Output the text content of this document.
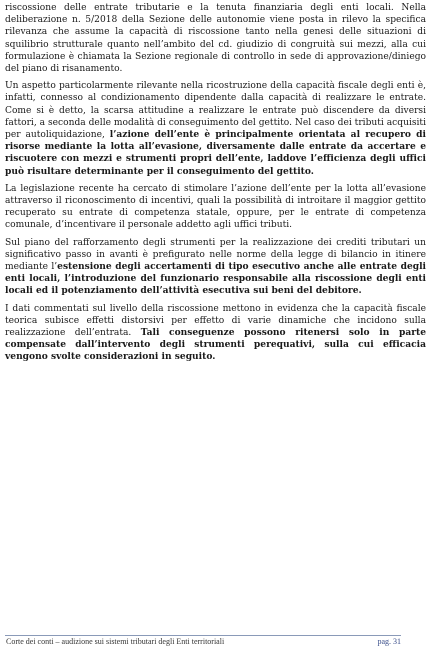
riscossione delle entrate tributarie e la tenuta finanziaria degli enti locali. Nella deliberazione n. 5/2018 della Sezione delle autonomie viene posta in rilevo la specifica rilevanza che assume la capacità di riscossione tanto nella genesi delle situazioni di squilibrio strutturale quanto nell’ambito del cd. giudizio di congruità sui mezzi, alla cui formulazione è chiamata la Sezione regionale di controllo in sede di approvazione/diniego del piano di risanamento.

Un aspetto particolarmente rilevante nella ricostruzione della capacità fiscale degli enti è, infatti, connesso al condizionamento dipendente dalla capacità di realizzare le entrate. Come si è detto, la scarsa attitudine a realizzare le entrate può discendere da diversi fattori, a seconda delle modalità di conseguimento del gettito. Nel caso dei tributi acquisiti per autoliquidazione, l’azione dell’ente è principalmente orientata al recupero di risorse mediante la lotta all’evasione, diversamente dalle entrate da accertare e riscuotere con mezzi e strumenti propri dell’ente, laddove l’efficienza degli uffici può risultare determinante per il conseguimento del gettito.

La legislazione recente ha cercato di stimolare l’azione dell’ente per la lotta all’evasione attraverso il riconoscimento di incentivi, quali la possibilità di introitare il maggior gettito recuperato su entrate di competenza statale, oppure, per le entrate di competenza comunale, d’incentivare il personale addetto agli uffici tributi.

Sul piano del rafforzamento degli strumenti per la realizzazione dei crediti tributari un significativo passo in avanti è prefigurato nelle norme della legge di bilancio in itinere mediante l’estensione degli accertamenti di tipo esecutivo anche alle entrate degli enti locali, l’introduzione del funzionario responsabile alla riscossione degli enti locali ed il potenziamento dell’attività esecutiva sui beni del debitore.

I dati commentati sul livello della riscossione mettono in evidenza che la capacità fiscale teorica subisce effetti distorsivi per effetto di varie dinamiche che incidono sulla realizzazione dell’entrata. Tali conseguenze possono ritenersi solo in parte compensate dall’intervento degli strumenti perequativi, sulla cui efficacia vengono svolte considerazioni in seguito.

Corte dei conti – audizione sui sistemi tributari degli Enti territoriali	pag. 31
